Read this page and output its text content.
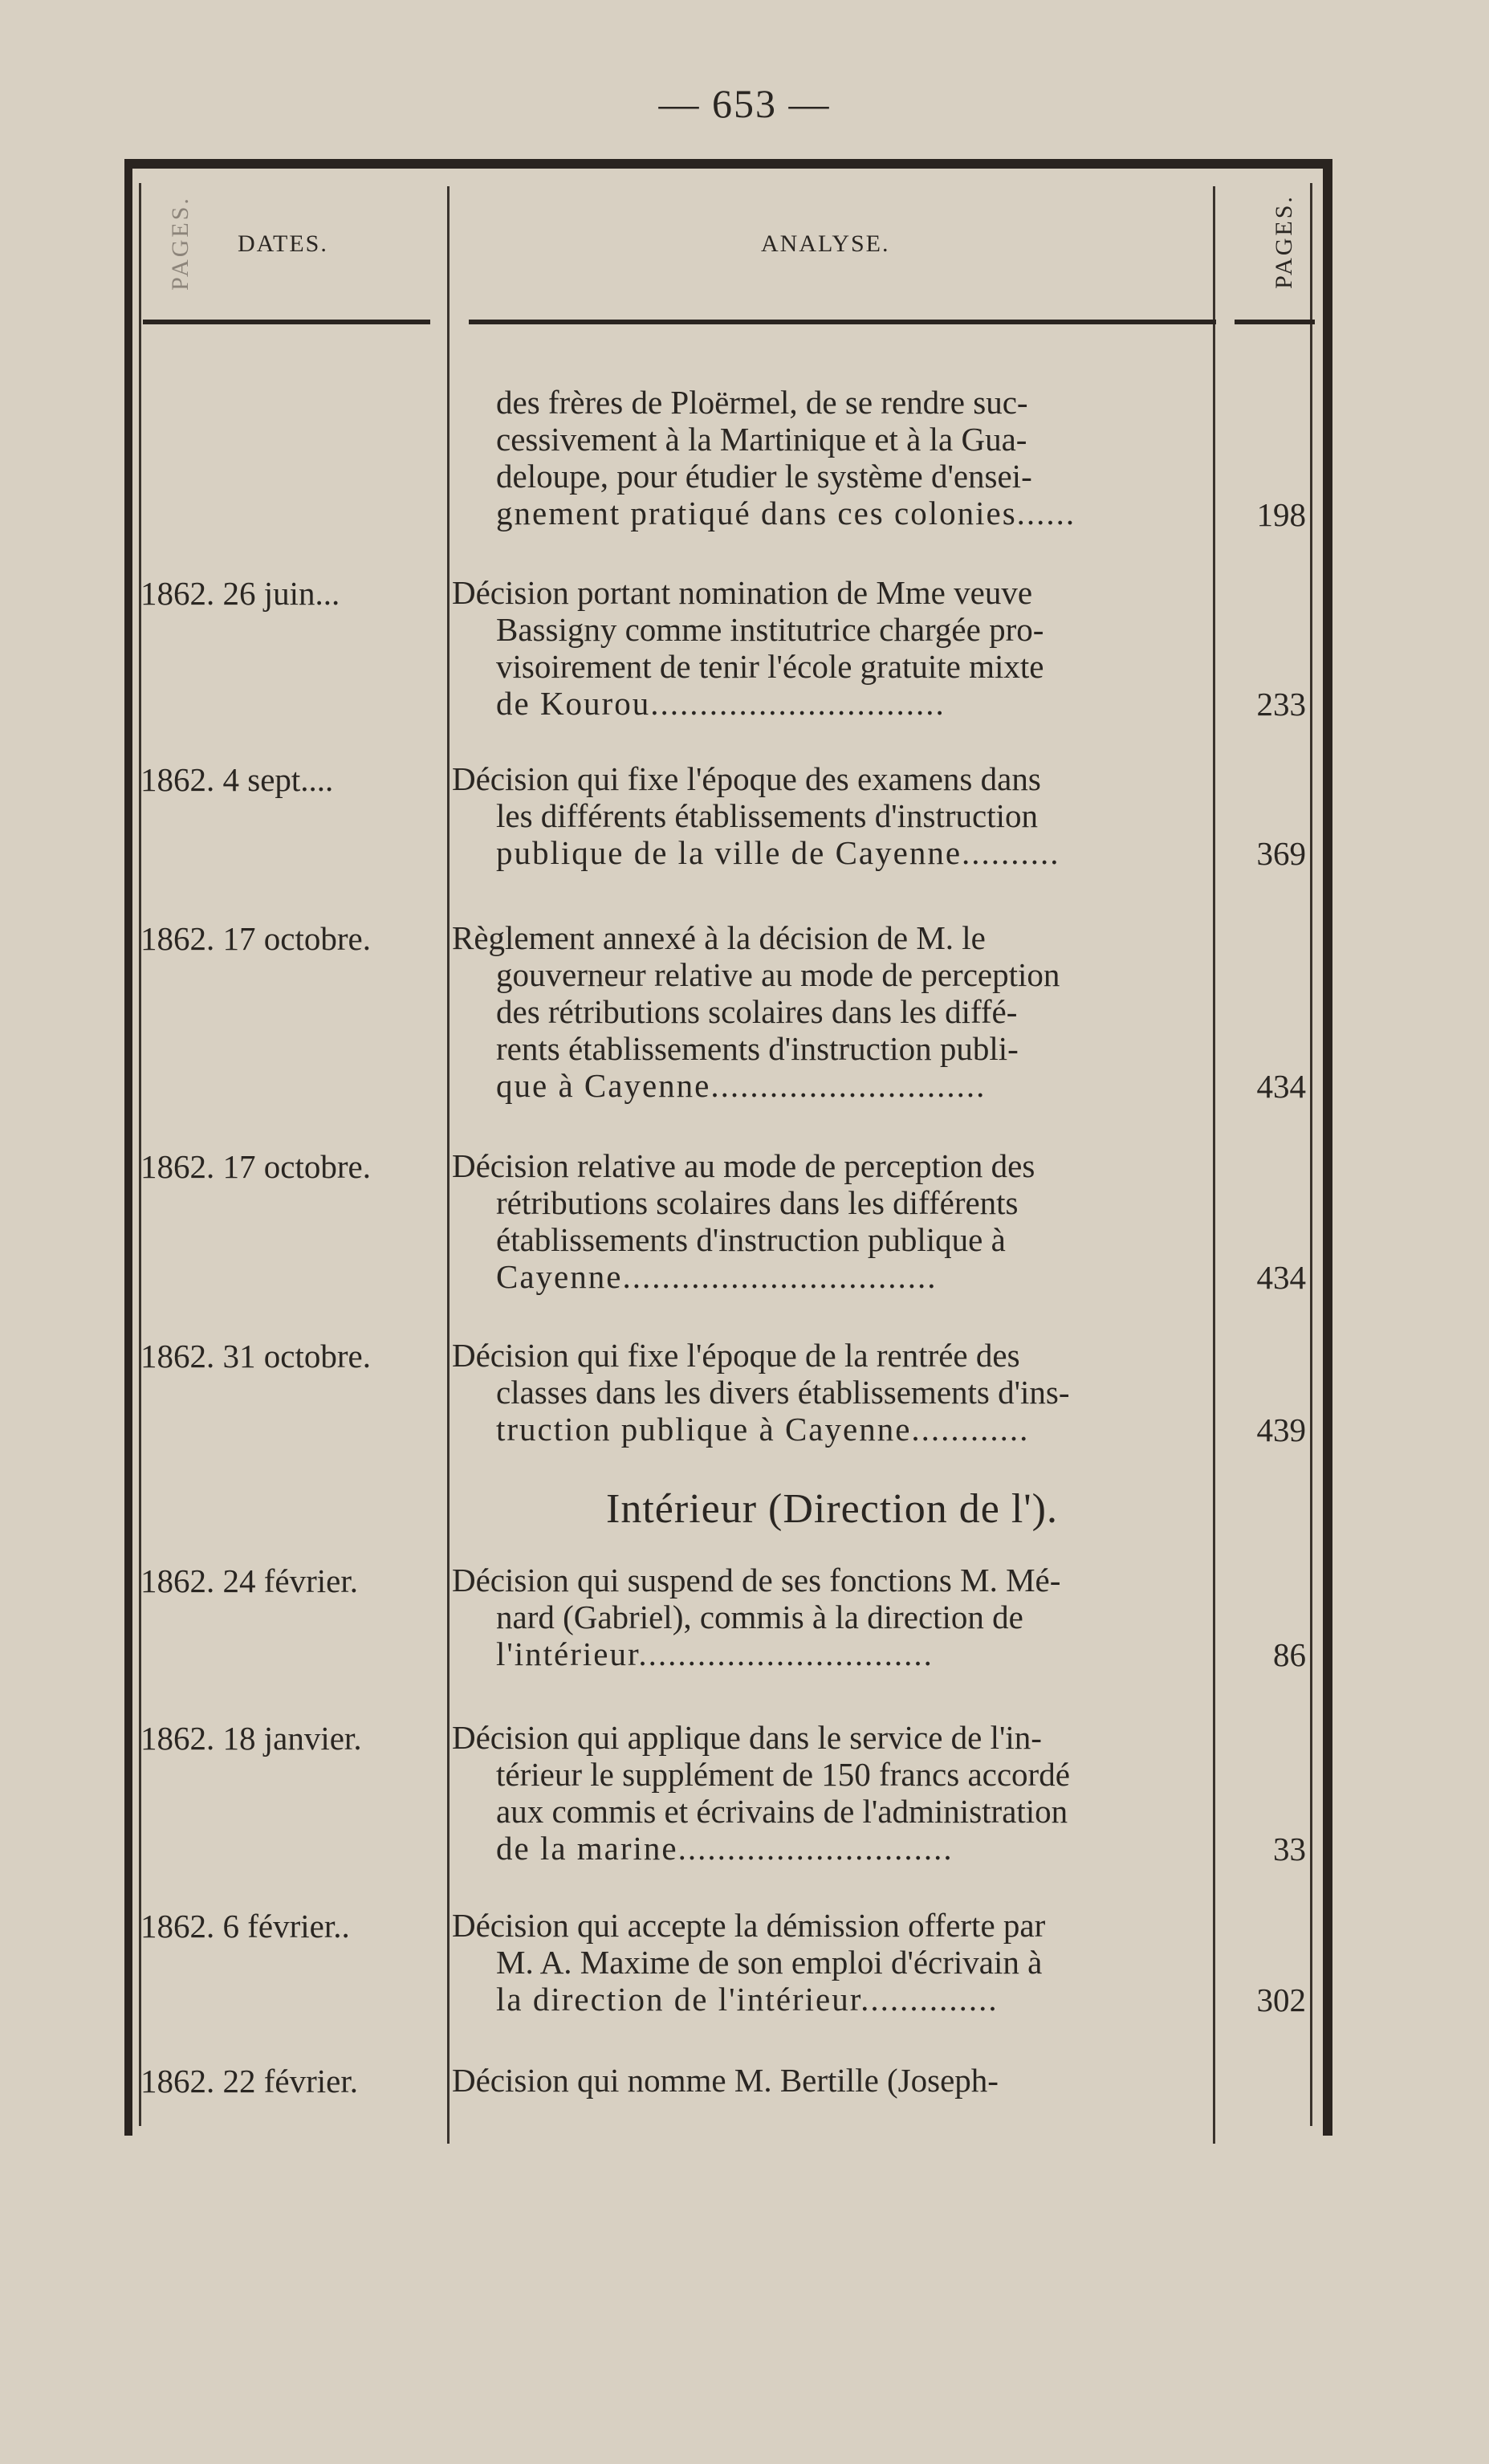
— 653 —
PAGES. DATES.	ANALYSE.	PAGES.
des frères de Ploërmel, de se rendre suc-
cessivement à la Martinique et à la Gua-
deloupe, pour étudier le système d'ensei-
gnement pratiqué dans ces colonies......	198
1862. 26 juin...	Décision portant nomination de Mme veuve
Bassigny comme institutrice chargée pro-
visoirement de tenir l'école gratuite mixte
de Kourou..............................	233
1862. 4 sept....	Décision qui fixe l'époque des examens dans
les différents établissements d'instruction
publique de la ville de Cayenne..........	369
1862. 17 octobre.	Règlement annexé à la décision de M. le
gouverneur relative au mode de perception
des rétributions scolaires dans les diffé-
rents établissements d'instruction publi-
que à Cayenne............................	434
1862. 17 octobre.	Décision relative au mode de perception des
rétributions scolaires dans les différents
établissements d'instruction publique à
Cayenne................................	434
1862. 31 octobre.	Décision qui fixe l'époque de la rentrée des
classes dans les divers établissements d'ins-
truction publique à Cayenne............	439
Intérieur (Direction de l').
1862. 24 février.	Décision qui suspend de ses fonctions M. Mé-
nard (Gabriel), commis à la direction de
l'intérieur..............................	86
1862. 18 janvier.	Décision qui applique dans le service de l'in-
térieur le supplément de 150 francs accordé
aux commis et écrivains de l'administration
de la marine............................	33
1862. 6 février..	Décision qui accepte la démission offerte par
M. A. Maxime de son emploi d'écrivain à
la direction de l'intérieur..............	302
1862. 22 février.	Décision qui nomme M. Bertille (Joseph-
